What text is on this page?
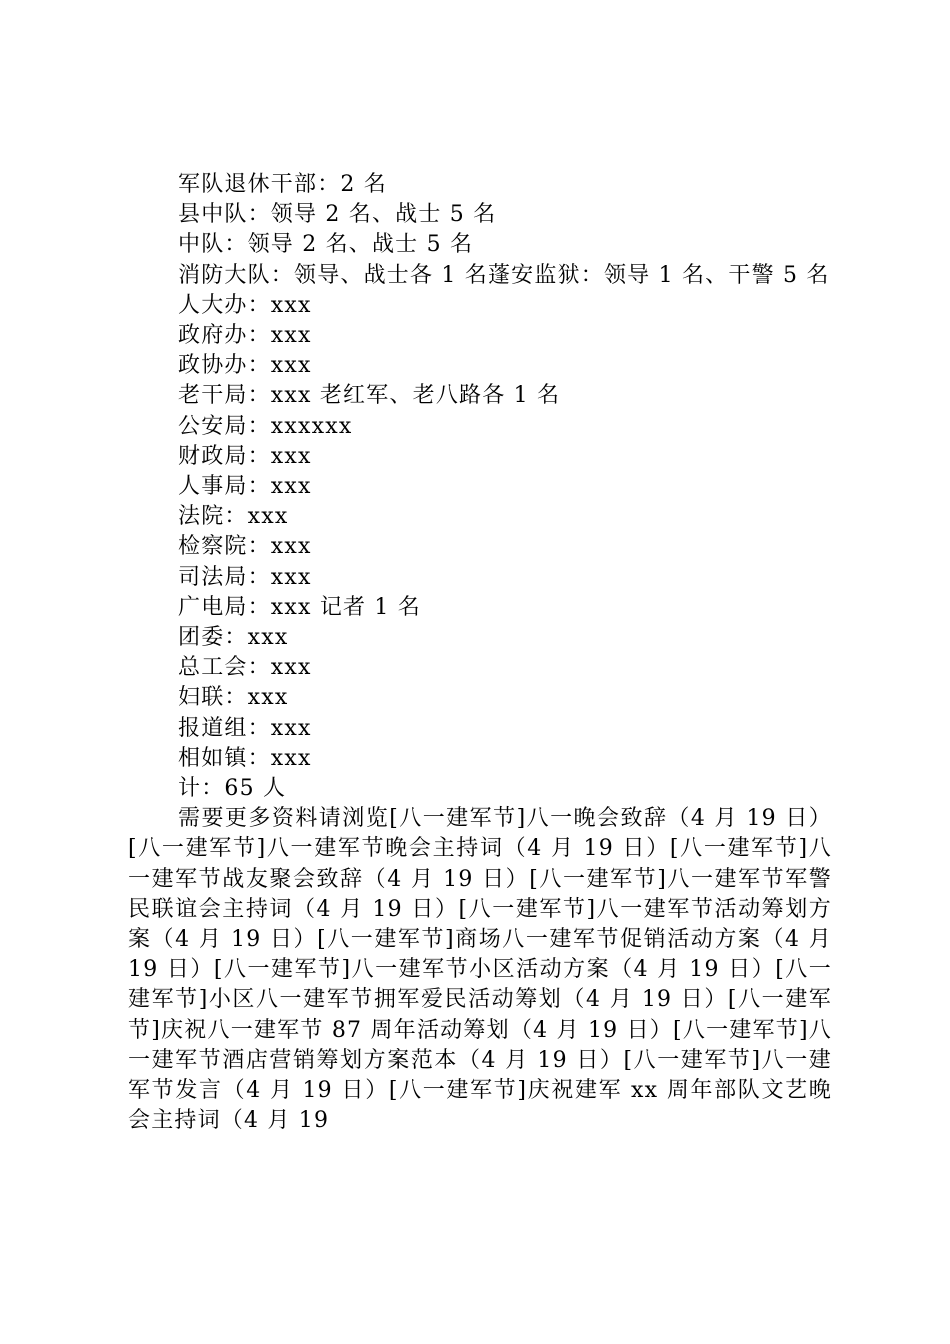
军队退休干部：2 名
县中队：领导 2 名、战士 5 名
中队：领导 2 名、战士 5 名
消防大队：领导、战士各 1 名蓬安监狱：领导 1 名、干警 5 名
人大办：xxx
政府办：xxx
政协办：xxx
老干局：xxx 老红军、老八路各 1 名
公安局：xxxxxx
财政局：xxx
人事局：xxx
法院：xxx
检察院：xxx
司法局：xxx
广电局：xxx 记者 1 名
团委：xxx
总工会：xxx
妇联：xxx
报道组：xxx
相如镇：xxx
计：65 人
需要更多资料请浏览[八一建军节]八一晚会致辞（4 月 19 日）[八一建军节]八一建军节晚会主持词（4 月 19 日）[八一建军节]八一建军节战友聚会致辞（4 月 19 日）[八一建军节]八一建军节军警民联谊会主持词（4 月 19 日）[八一建军节]八一建军节活动筹划方案（4 月 19 日）[八一建军节]商场八一建军节促销活动方案（4 月 19 日）[八一建军节]八一建军节小区活动方案（4 月 19 日）[八一建军节]小区八一建军节拥军爱民活动筹划（4 月 19 日）[八一建军节]庆祝八一建军节 87 周年活动筹划（4 月 19 日）[八一建军节]八一建军节酒店营销筹划方案范本（4 月 19 日）[八一建军节]八一建军节发言（4 月 19 日）[八一建军节]庆祝建军 xx 周年部队文艺晚会主持词（4 月 19
